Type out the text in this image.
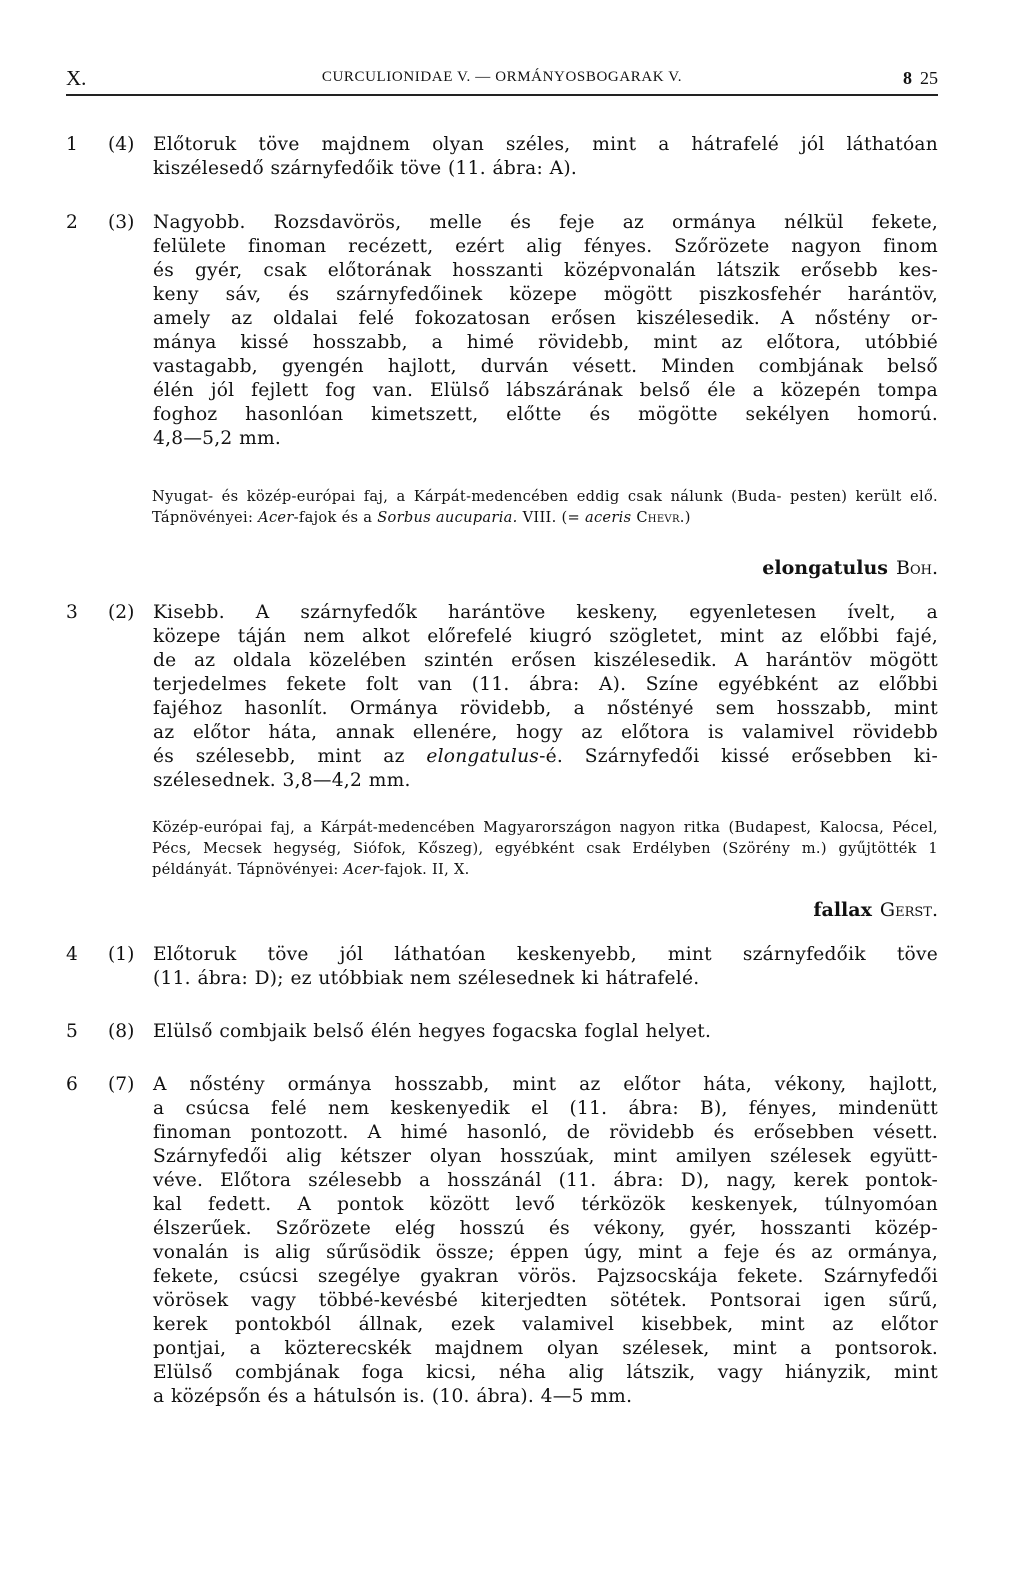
X.	CURCULIONIDAE V. — ORMÁNYOSBOGARAK V.	8 25
1 (4) Előtoruk töve majdnem olyan széles, mint a hátrafelé jól láthatóan
kiszélesedő szárnyfedőik töve (11. ábra: A).
2 (3) Nagyobb. Rozsdavörös, melle és feje az ormánya nélkül fekete,
felülete finoman recézett, ezért alig fényes. Szőrözete nagyon finom
és gyér, csak előtorának hosszanti középvonalán látszik erősebb kes-
keny sáv, és szárnyfedőinek közepe mögött piszkosfehér harántöv,
amely az oldalai felé fokozatosan erősen kiszélesedik. A nőstény or-
mánya kissé hosszabb, a himé rövidebb, mint az előtora, utóbbié
vastagabb, gyengén hajlott, durván vésett. Minden combjának belső
élén jól fejlett fog van. Elülső lábszárának belső éle a közepén tompa
foghoz hasonlóan kimetszett, előtte és mögötte sekélyen homorú.
4,8—5,2 mm.
Nyugat- és közép-európai faj, a Kárpát-medencében eddig csak nálunk (Buda- pesten) került elő. Tápnövényei: Acer-fajok és a Sorbus aucuparia. VIII. (= aceris Chevr.)
elongatulus Boh.
3 (2) Kisebb. A szárnyfedők harántöve keskeny, egyenletesen ívelt, a
közepe táján nem alkot előrefelé kiugró szögletet, mint az előbbi fajé,
de az oldala közelében szintén erősen kiszélesedik. A harántöv mögött
terjedelmes fekete folt van (11. ábra: A). Színe egyébként az előbbi
fajéhoz hasonlít. Ormánya rövidebb, a nőstényé sem hosszabb, mint
az előtor háta, annak ellenére, hogy az előtora is valamivel rövidebb
és szélesebb, mint az elongatulus-é. Szárnyfedői kissé erősebben ki-
szélesednek. 3,8—4,2 mm.
Közép-európai faj, a Kárpát-medencében Magyarországon nagyon ritka (Budapest, Kalocsa, Pécel, Pécs, Mecsek hegység, Siófok, Kőszeg), egyébként csak Erdélyben (Szörény m.) gyűjtötték 1 példányát. Tápnövényei: Acer-fajok. II, X.
fallax Gerst.
4 (1) Előtoruk töve jól láthatóan keskenyebb, mint szárnyfedőik töve
(11. ábra: D); ez utóbbiak nem szélesednek ki hátrafelé.
5 (8) Elülső combjaik belső élén hegyes fogacska foglal helyet.
6 (7) A nőstény ormánya hosszabb, mint az előtor háta, vékony, hajlott,
a csúcsa felé nem keskenyedik el (11. ábra: B), fényes, mindenütt
finoman pontozott. A himé hasonló, de rövidebb és erősebben vésett.
Szárnyfedői alig kétszer olyan hosszúak, mint amilyen szélesek együtt-
véve. Előtora szélesebb a hosszánál (11. ábra: D), nagy, kerek pontok-
kal fedett. A pontok között levő térközök keskenyek, túlnyomóan
élszerűek. Szőrözete elég hosszú és vékony, gyér, hosszanti közép-
vonalán is alig sűrűsödik össze; éppen úgy, mint a feje és az ormánya,
fekete, csúcsi szegélye gyakran vörös. Pajzsocskája fekete. Szárnyfedői
vörösek vagy többé-kevésbé kiterjedten sötétek. Pontsorai igen sűrű,
kerek pontokból állnak, ezek valamivel kisebbek, mint az előtor
pontjai, a közterecskék majdnem olyan szélesek, mint a pontsorok.
Elülső combjának foga kicsi, néha alig látszik, vagy hiányzik, mint
a középsőn és a hátulsón is. (10. ábra). 4—5 mm.
